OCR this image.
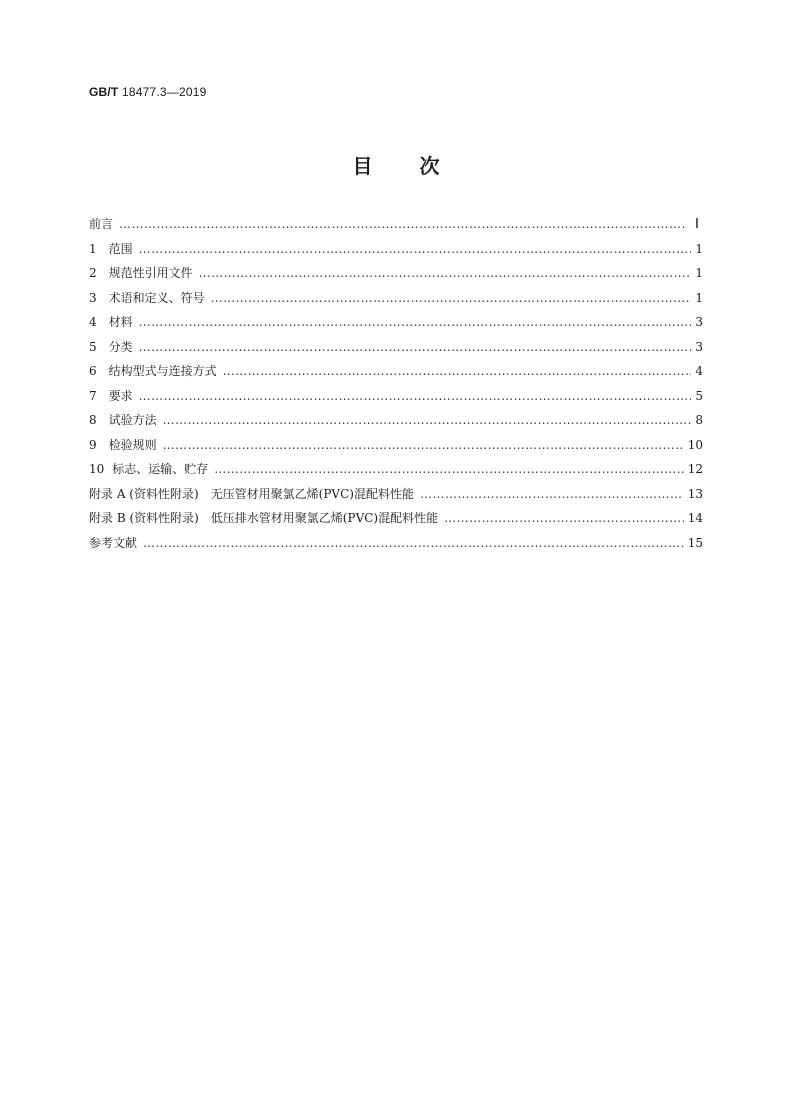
GB/T 18477.3—2019
目 次
前言 ………………………………………………………………………………………………………………………………………………………………………………………………………………………………………………………………………………	Ⅰ
1 范围 ………………………………………………………………………………………………………………………………………………………………………………………………………………………………………………………………………………	1
2 规范性引用文件 ………………………………………………………………………………………………………………………………………………………………………………………………………………………………………………………………………………	1
3 术语和定义、符号 ………………………………………………………………………………………………………………………………………………………………………………………………………………………………………………………………………………	1
4 材料 ………………………………………………………………………………………………………………………………………………………………………………………………………………………………………………………………………………	3
5 分类 ………………………………………………………………………………………………………………………………………………………………………………………………………………………………………………………………………………	3
6 结构型式与连接方式 ………………………………………………………………………………………………………………………………………………………………………………………………………………………………………………………………………………	4
7 要求 ………………………………………………………………………………………………………………………………………………………………………………………………………………………………………………………………………………	5
8 试验方法 ………………………………………………………………………………………………………………………………………………………………………………………………………………………………………………………………………………	8
9 检验规则 ………………………………………………………………………………………………………………………………………………………………………………………………………………………………………………………………………………	10
10 标志、运输、贮存 ………………………………………………………………………………………………………………………………………………………………………………………………………………………………………………………………………………	12
附录 A (资料性附录)　无压管材用聚氯乙烯(PVC)混配料性能 ………………………………………………………………………………………………………………………………………………………………………………………………………………………………………………………………………………	13
附录 B (资料性附录)　低压排水管材用聚氯乙烯(PVC)混配料性能 ………………………………………………………………………………………………………………………………………………………………………………………………………………………………………………………………………………	14
参考文献 ………………………………………………………………………………………………………………………………………………………………………………………………………………………………………………………………………………	15
